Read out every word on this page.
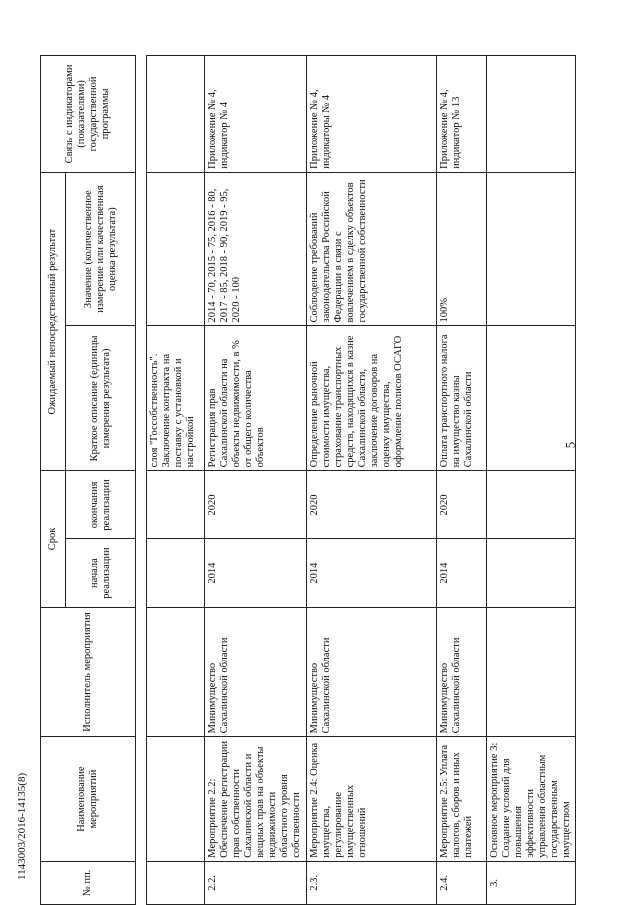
5
1143003/2016-14135(8)
№ пп.	Наименование мероприятий	Исполнитель мероприятия	Срок		Ожидаемый непосредственный результат		Связь с индикаторами (показателями) государственной программы
			начала реализации	окончания реализации	Краткое описание (единицы измерения результата)	Значение (количественное измерение или качественная оценка результата)	

					слоя "Госсобственность". Заключение контракта на поставку с установкой и настройкой		
2.2.	Мероприятие 2.2: Обеспечение регистрации прав собственности Сахалинской области и вещных прав на объекты недвижимости областного уровня собственности	Минимущество Сахалинской области	2014	2020	Регистрация прав Сахалинской области на объекты недвижимости, в % от общего количества объектов	2014 - 70, 2015 - 75, 2016 - 80, 2017 - 85, 2018 - 90, 2019 - 95, 2020 - 100	Приложение № 4, индикатор № 4
2.3.	Мероприятие 2.4: Оценка имущества, регулирование имущественных отношений	Минимущество Сахалинской области	2014	2020	Определение рыночной стоимости имущества, страхование транспортных средств, находящихся в казне Сахалинской области, заключение договоров на оценку имущества, оформление полисов ОСАГО	Соблюдение требований законодательства Российской Федерации в связи с вовлечением в сделку объектов государственной собственности	Приложение № 4, индикаторы № 4
2.4.	Мероприятие 2.5: Уплата налогов, сборов и иных платежей	Минимущество Сахалинской области	2014	2020	Оплата транспортного налога на имущество казны Сахалинской области	100%	Приложение № 4, индикатор № 13
3.	Основное мероприятие 3: Создание условий для повышения эффективности управления областным государственным имуществом						
